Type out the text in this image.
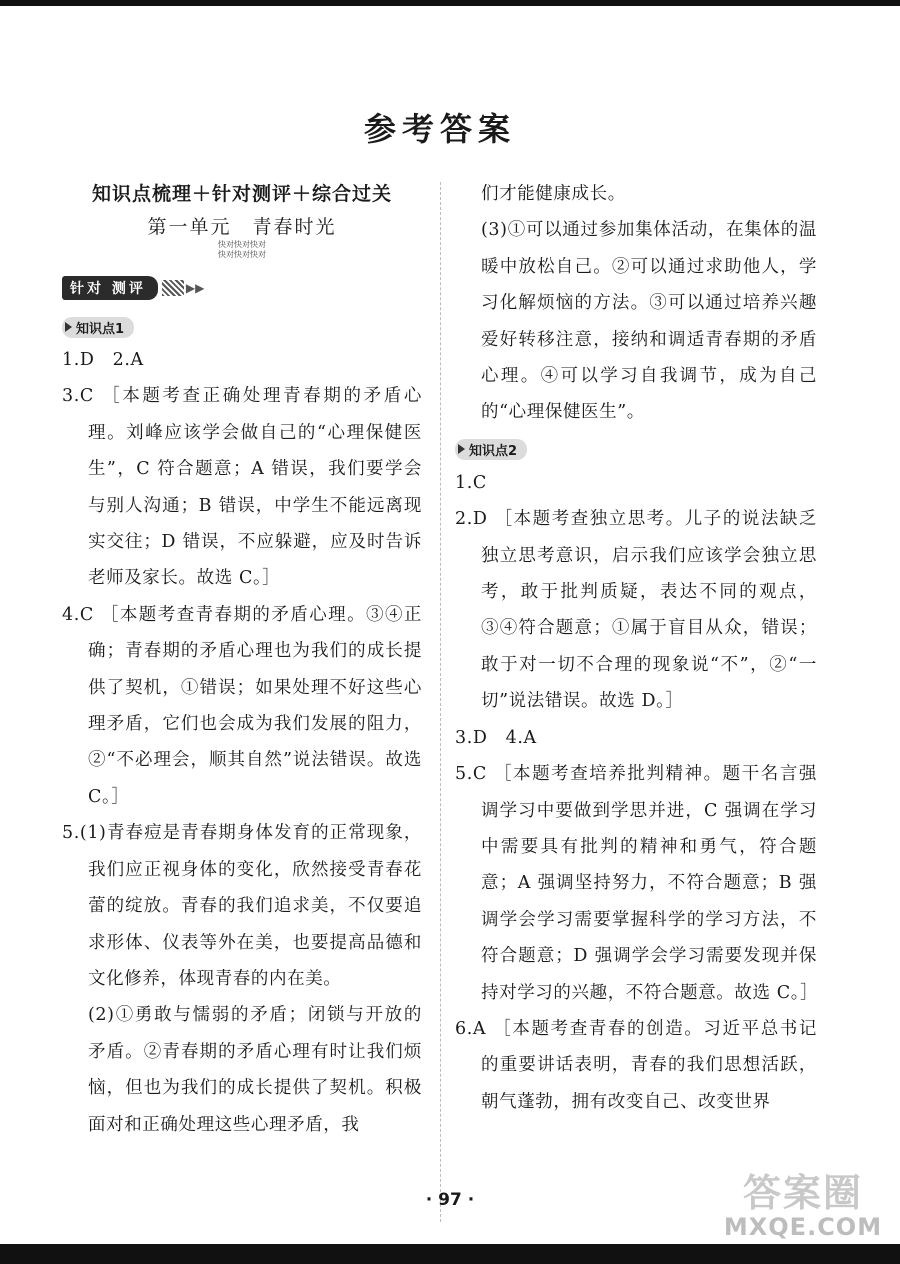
参考答案
知识点梳理＋针对测评＋综合过关
第一单元　青春时光
快对快对快对
快对快对快对
针对 测评	▶▶
知识点1

1.D　2.A

3.C ［本题考查正确处理青春期的矛盾心理。刘峰应该学会做自己的“心理保健医生”，C 符合题意；A 错误，我们要学会与别人沟通；B 错误，中学生不能远离现实交往；D 错误，不应躲避，应及时告诉老师及家长。故选 C。］

4.C ［本题考查青春期的矛盾心理。③④正确；青春期的矛盾心理也为我们的成长提供了契机，①错误；如果处理不好这些心理矛盾，它们也会成为我们发展的阻力，②“不必理会，顺其自然”说法错误。故选 C。］

5.(1)青春痘是青春期身体发育的正常现象，我们应正视身体的变化，欣然接受青春花蕾的绽放。青春的我们追求美，不仅要追求形体、仪表等外在美，也要提高品德和文化修养，体现青春的内在美。

(2)①勇敢与懦弱的矛盾；闭锁与开放的矛盾。②青春期的矛盾心理有时让我们烦恼，但也为我们的成长提供了契机。积极面对和正确处理这些心理矛盾，我

们才能健康成长。

(3)①可以通过参加集体活动，在集体的温暖中放松自己。②可以通过求助他人，学习化解烦恼的方法。③可以通过培养兴趣爱好转移注意，接纳和调适青春期的矛盾心理。④可以学习自我调节，成为自己的“心理保健医生”。

知识点2

1.C

2.D ［本题考查独立思考。儿子的说法缺乏独立思考意识，启示我们应该学会独立思考，敢于批判质疑，表达不同的观点，③④符合题意；①属于盲目从众，错误；敢于对一切不合理的现象说“不”，②“一切”说法错误。故选 D。］

3.D　4.A

5.C ［本题考查培养批判精神。题干名言强调学习中要做到学思并进，C 强调在学习中需要具有批判的精神和勇气，符合题意；A 强调坚持努力，不符合题意；B 强调学会学习需要掌握科学的学习方法，不符合题意；D 强调学会学习需要发现并保持对学习的兴趣，不符合题意。故选 C。］

6.A ［本题考查青春的创造。习近平总书记的重要讲话表明，青春的我们思想活跃，朝气蓬勃，拥有改变自己、改变世界

· 97 ·	答案圈
MXQE.COM
